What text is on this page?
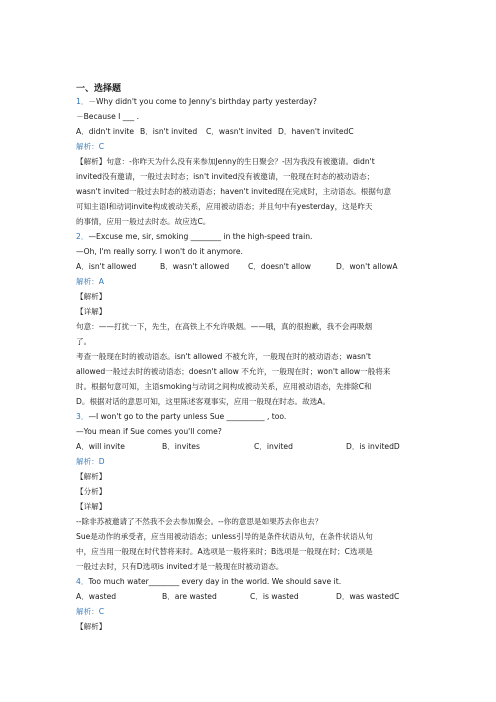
一、选择题
1．－Why didn't you come to Jenny's birthday party yesterday?
－Because I ___ .
A．didn't invite B．isn't invited C．wasn't invited D．haven't invitedC
解析：C
【解析】句意：-你昨天为什么没有来参加Jenny的生日聚会？-因为我没有被邀请。didn't
invited没有邀请，一般过去时态；isn't invited没有被邀请，一般现在时态的被动语态；
wasn't invited一般过去时态的被动语态；haven't invited现在完成时，主动语态。根据句意
可知主语I和动词invite构成被动关系，应用被动语态；并且句中有yesterday，这是昨天
的事情，应用一般过去时态。故应选C。
2．—Excuse me, sir, smoking ________ in the high-speed train.
—Oh, I'm really sorry. I won't do it anymore.
A．isn't allowed	B．wasn't allowed C．doesn't allow	D．won't allowA
解析：A
【解析】
【详解】
句意：——打扰一下，先生，在高铁上不允许吸烟。——哦，真的很抱歉，我不会再吸烟
了。
考查一般现在时的被动语态。isn't allowed 不被允许，一般现在时的被动语态；wasn't
allowed一般过去时的被动语态；doesn't allow 不允许，一般现在时；won't allow一般将来
时。根据句意可知，主语smoking与动词之间构成被动关系，应用被动语态，先排除C和
D。根据对话的意思可知，这里陈述客观事实，应用一般现在时态。故选A。
3．—I won't go to the party unless Sue __________ , too.
—You mean if Sue comes you'll come?
A．will invite	B．invites	C．invited	D．is invitedD
解析：D
【解析】
【分析】
【详解】
--除非苏被邀请了不然我不会去参加聚会。--你的意思是如果苏去你也去？
Sue是动作的承受者，应当用被动语态；unless引导的是条件状语从句，在条件状语从句
中，应当用一般现在时代替将来时。A选项是一般将来时；B选项是一般现在时；C选项是
一般过去时，只有D选项is invited才是一般现在时被动语态。
4．Too much water________ every day in the world. We should save it.
A．wasted	B．are wasted	C．is wasted	D．was wastedC
解析：C
【解析】
